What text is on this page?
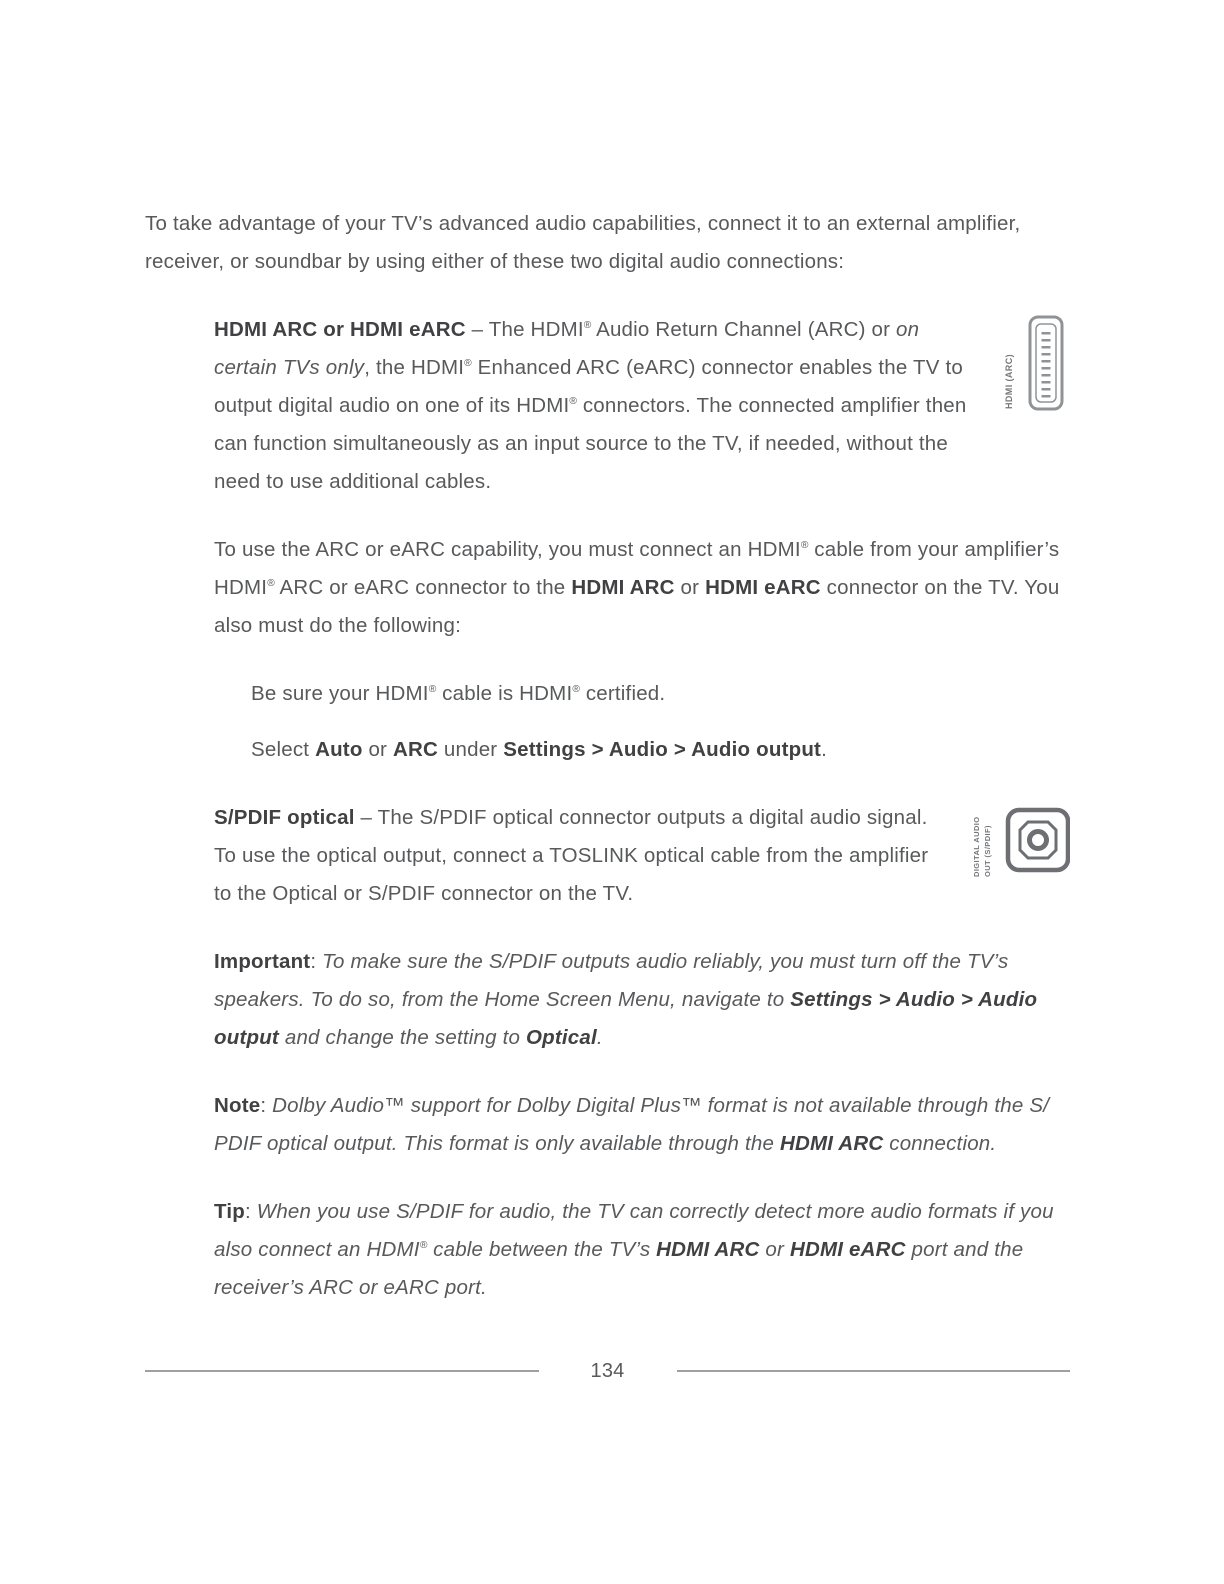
To take advantage of your TV’s advanced audio capabilities, connect it to an external amplifier, receiver, or soundbar by using either of these two digital audio connections:

HDMI (ARC)

HDMI ARC or HDMI eARC – The HDMI® Audio Return Channel (ARC) or on certain TVs only, the HDMI® Enhanced ARC (eARC) connector enables the TV to output digital audio on one of its HDMI® connectors. The connected amplifier then can function simultaneously as an input source to the TV, if needed, without the need to use additional cables.

To use the ARC or eARC capability, you must connect an HDMI® cable from your amplifier’s HDMI® ARC or eARC connector to the HDMI ARC or HDMI eARC connector on the TV. You also must do the following:

Be sure your HDMI® cable is HDMI® certified.

Select Auto or ARC under Settings > Audio > Audio output.

DIGITAL AUDIO OUT (S/PDIF)

S/PDIF optical – The S/PDIF optical connector outputs a digital audio signal. To use the optical output, connect a TOSLINK optical cable from the amplifier to the Optical or S/PDIF connector on the TV.

Important: To make sure the S/PDIF outputs audio reliably, you must turn off the TV’s speakers. To do so, from the Home Screen Menu, navigate to Settings > Audio > Audio output and change the setting to Optical.

Note: Dolby Audio™ support for Dolby Digital Plus™ format is not available through the S/ PDIF optical output. This format is only available through the HDMI ARC connection.

Tip: When you use S/PDIF for audio, the TV can correctly detect more audio formats if you also connect an HDMI® cable between the TV’s HDMI ARC or HDMI eARC port and the receiver’s ARC or eARC port.

134
